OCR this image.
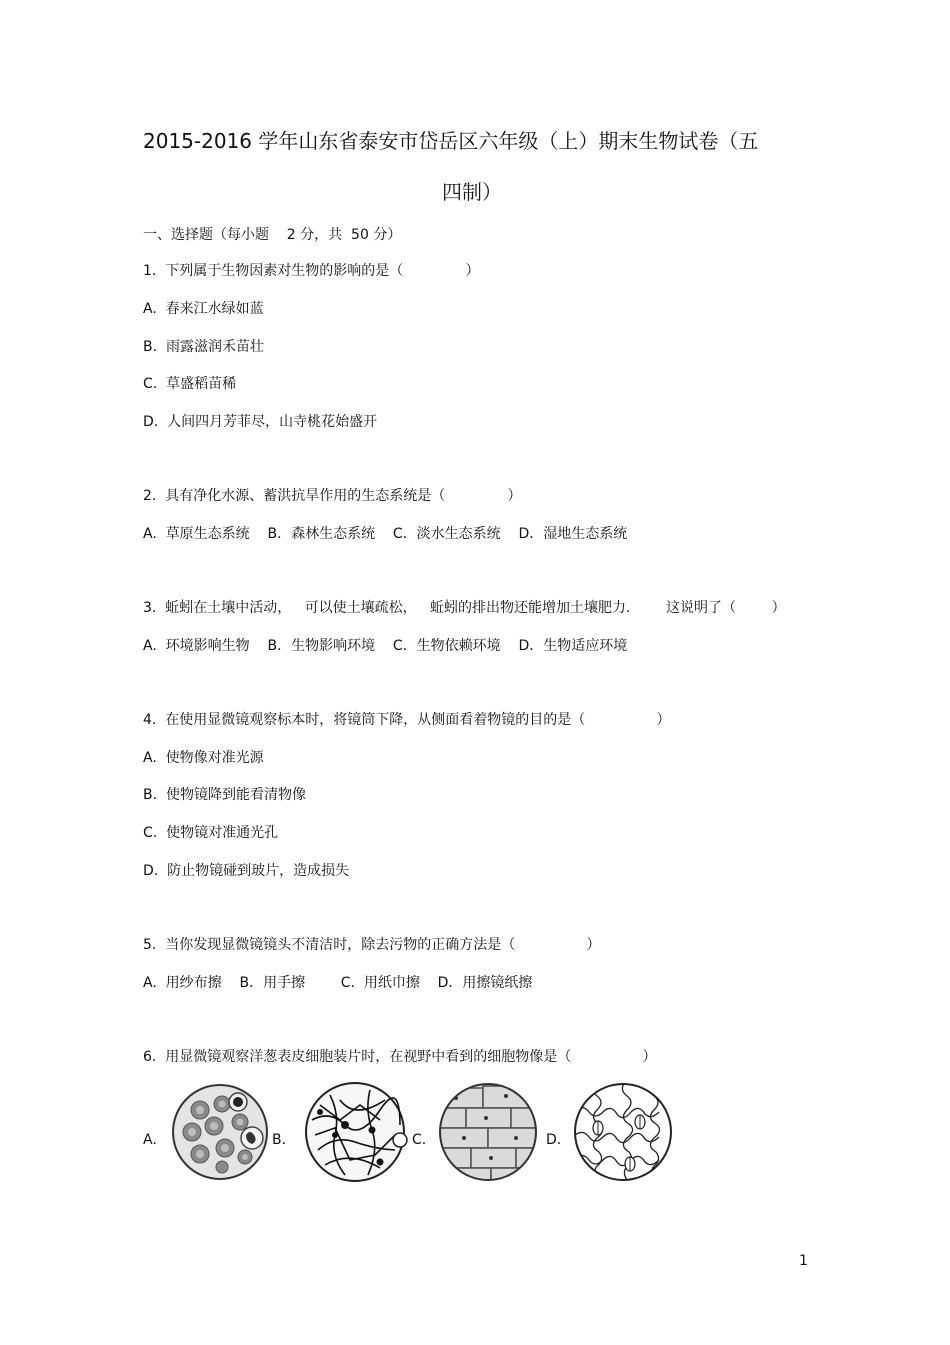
2015-2016 学年山东省泰安市岱岳区六年级（上）期末生物试卷（五
四制）
一、选择题（每小题    2 分，共  50 分）
1.  下列属于生物因素对生物的影响的是（              ）
A.  春来江水绿如蓝
B.  雨露滋润禾苗壮
C.  草盛稻苗稀
D.  人间四月芳菲尽，山寺桃花始盛开
2.  具有净化水源、蓄洪抗旱作用的生态系统是（              ）
A.  草原生态系统    B．森林生态系统    C．淡水生态系统    D．湿地生态系统
3.  蚯蚓在土壤中活动，   可以使土壤疏松，   蚯蚓的排出物还能增加土壤肥力.        这说明了（        ）
A.  环境影响生物    B．生物影响环境    C．生物依赖环境    D．生物适应环境
4.  在使用显微镜观察标本时，将镜筒下降，从侧面看着物镜的目的是（                ）
A.  使物像对准光源
B.  使物镜降到能看清物像
C.  使物镜对准通光孔
D.  防止物镜碰到玻片，造成损失
5.  当你发现显微镜镜头不清洁时，除去污物的正确方法是（                ）
A.  用纱布擦    B．用手擦        C.  用纸巾擦    D．用擦镜纸擦
6.  用显微镜观察洋葱表皮细胞装片时，在视野中看到的细胞物像是（                ）
A.	B．	C.	D.
1
